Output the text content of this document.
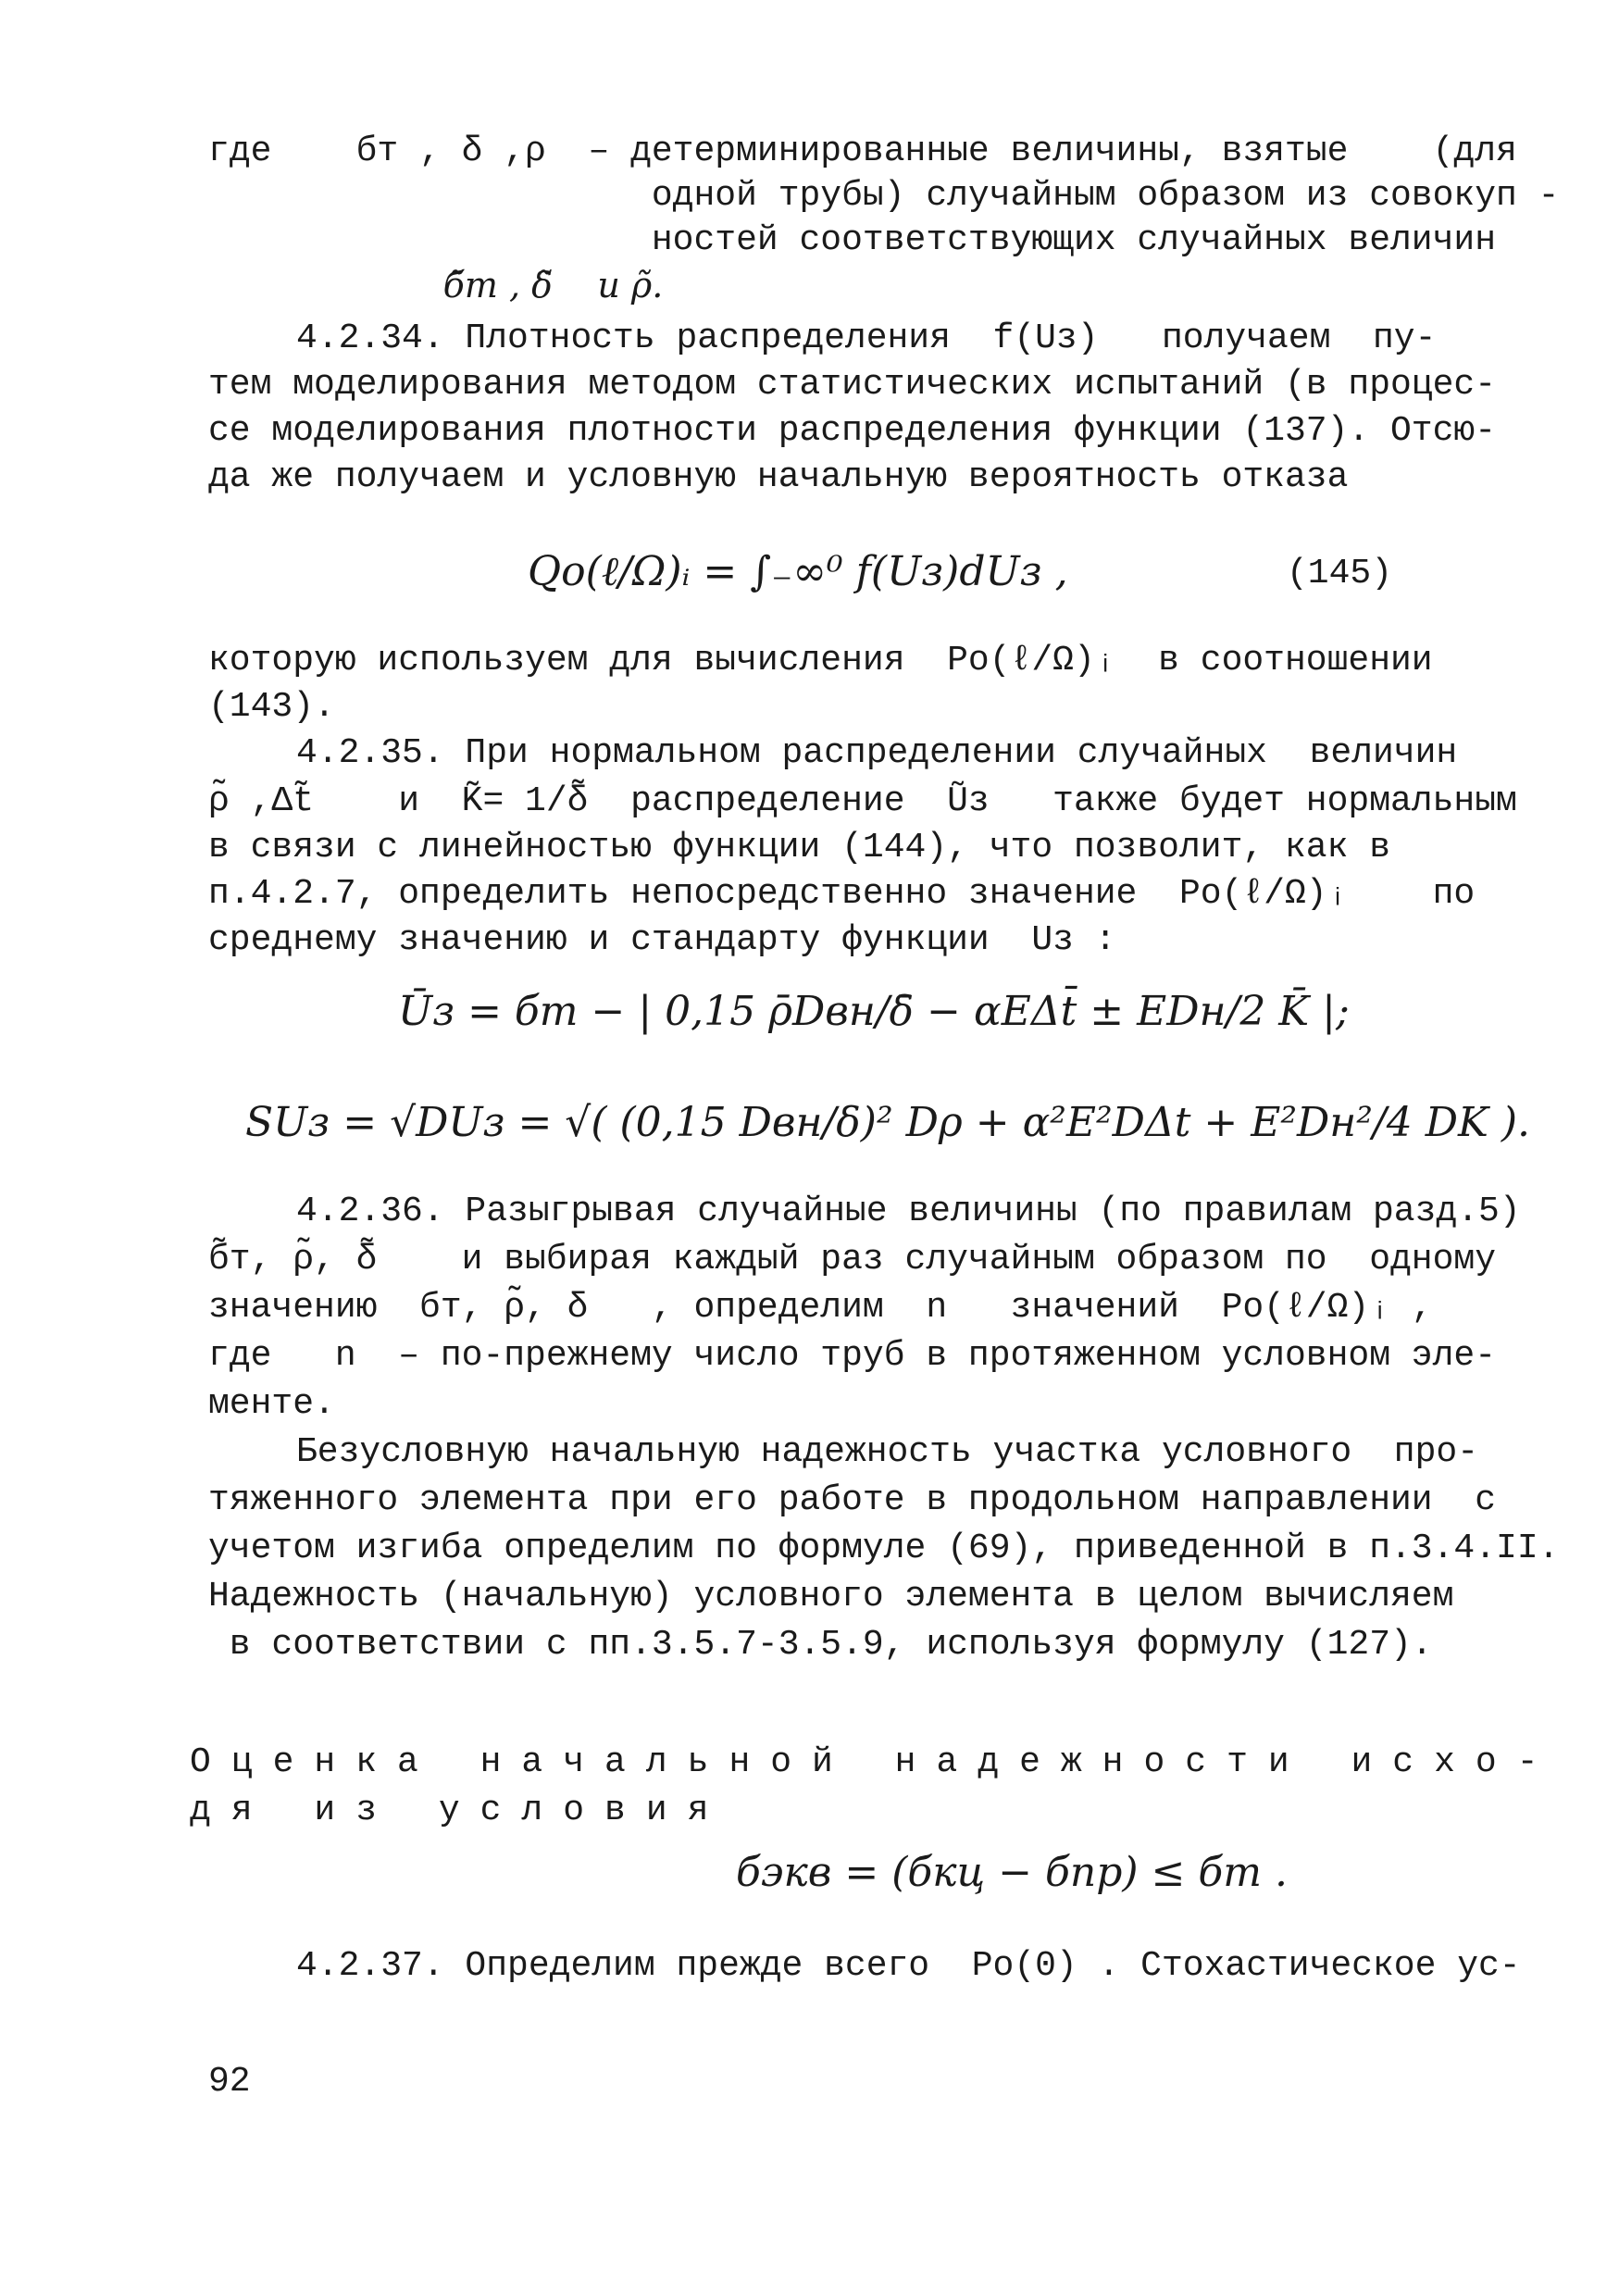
где    бт , δ ,ρ  – детерминированные величины, взятые    (для
одной трубы) случайным образом из совокуп -
ностей соответствующих случайных величин
б̃т , δ̃    и ρ̃.
4.2.34. Плотность распределения  f(Uз)   получаем  пу-
тем моделирования методом статистических испытаний (в процес-
се моделирования плотности распределения функции (137). Отсю-
да же получаем и условную начальную вероятность отказа
Qo(ℓ/Ω)ᵢ = ∫₋∞⁰ f(Uз)dUз ,	(145)
которую используем для вычисления  Po(ℓ/Ω)ᵢ  в соотношении
(143).
4.2.35. При нормальном распределении случайных  величин
ρ̃ ,Δt̃    и  K̃= 1/δ̃  распределение  Ũз   также будет нормальным
в связи с линейностью функции (144), что позволит, как в
п.4.2.7, определить непосредственно значение  Po(ℓ/Ω)ᵢ    по
среднему значению и стандарту функции  Uз :
Ūз = бт − | 0,15 ρ̄Dвн/δ̄ − αEΔt̄ ± EDн/2 K̄ |;
SUз = √DUз = √( (0,15 Dвн/δ)² Dρ + α²E²DΔt + E²Dн²/4 DK ).
4.2.36. Разыгрывая случайные величины (по правилам разд.5)
б̃т, ρ̃, δ̃    и выбирая каждый раз случайным образом по  одному
значению  бт, ρ̃, δ   , определим  n   значений  Po(ℓ/Ω)ᵢ ,
где   n  – по-прежнему число труб в протяженном условном эле-
менте.
Безусловную начальную надежность участка условного  про-
тяженного элемента при его работе в продольном направлении  с
учетом изгиба определим по формуле (69), приведенной в п.3.4.II.
Надежность (начальную) условного элемента в целом вычисляем
в соответствии с пп.3.5.7-3.5.9, используя формулу (127).
Оценка начальной надежности исхо-
дя из условия
бэкв = (бкц − бпр) ≤ бт .
4.2.37. Определим прежде всего  Po(0) . Стохастическое ус-
92
